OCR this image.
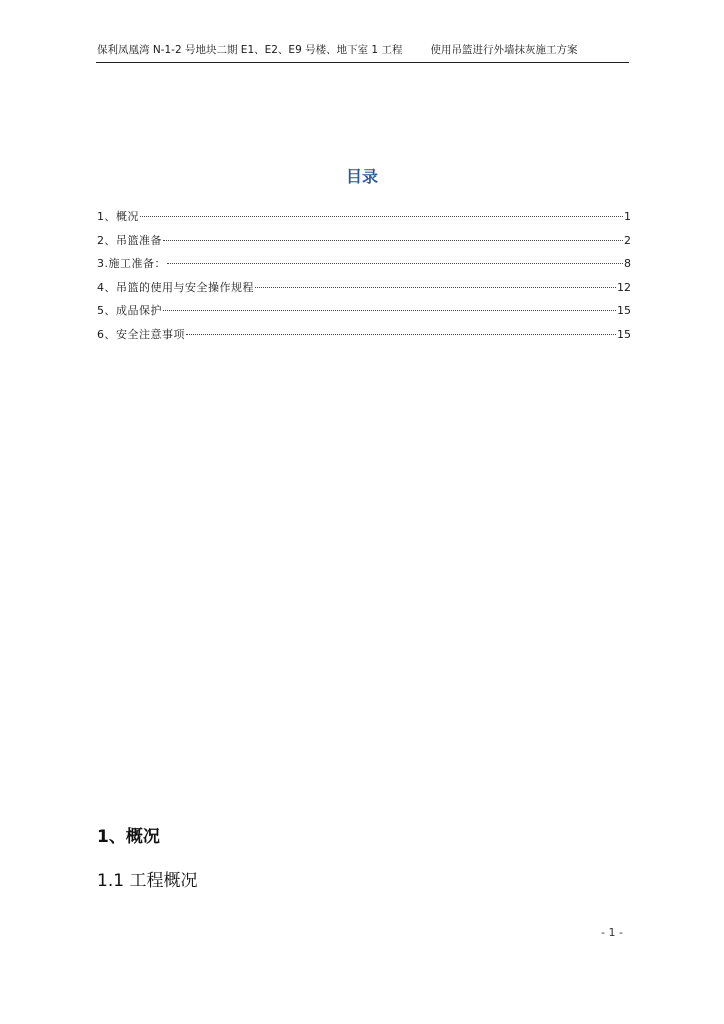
保利凤凰湾 N-1-2 号地块二期 E1、E2、E9 号楼、地下室 1 工程	使用吊篮进行外墙抹灰施工方案
目录
1、概况	1
2、吊篮准备	2
3.施工准备：	8
4、吊篮的使用与安全操作规程	12
5、成品保护	15
6、安全注意事项	15
1、概况
1.1 工程概况
- 1 -
